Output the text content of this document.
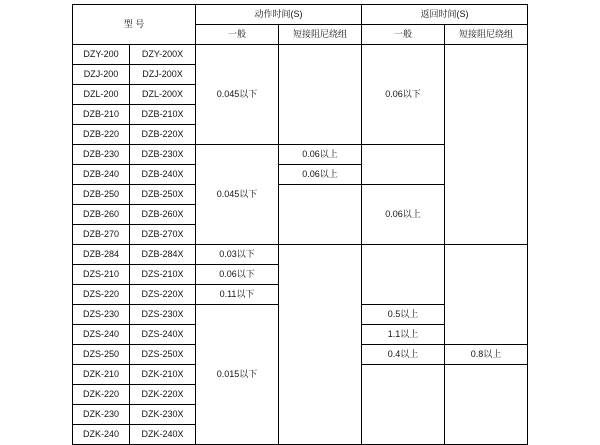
型 号		动作时间(S)		返回时间(S)	
		一般	短接阻尼绕组	一般	短接阻尼绕组
DZY-200	DZY-200X	0.045以下		0.06以下	
DZJ-200	DZJ-200X				
DZL-200	DZL-200X				
DZB-210	DZB-210X				
DZB-220	DZB-220X				
DZB-230	DZB-230X	0.045以下	0.06以上		
DZB-240	DZB-240X		0.06以上		
DZB-250	DZB-250X			0.06以上	
DZB-260	DZB-260X				
DZB-270	DZB-270X				
DZB-284	DZB-284X	0.03以下			
DZS-210	DZS-210X	0.06以下			
DZS-220	DZS-220X	0.11以下			
DZS-230	DZS-230X	0.015以下		0.5以上	
DZS-240	DZS-240X			1.1以上	
DZS-250	DZS-250X			0.4以上	0.8以上
DZK-210	DZK-210X				
DZK-220	DZK-220X				
DZK-230	DZK-230X				
DZK-240	DZK-240X				
